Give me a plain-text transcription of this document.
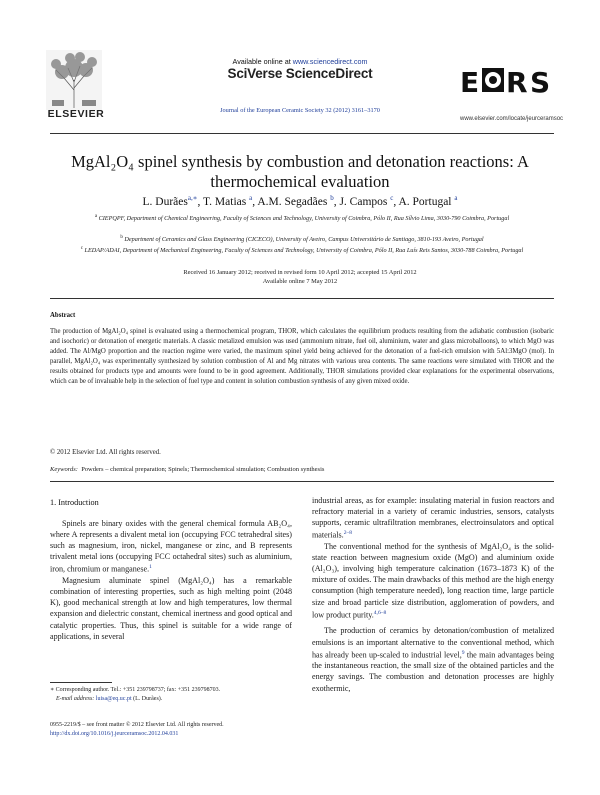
ELSEVIER
Available online at www.sciencedirect.com
SciVerse ScienceDirect
Journal of the European Ceramic Society 32 (2012) 3161–3170
E R S
www.elsevier.com/locate/jeurceramsoc
MgAl₂O₄ spinel synthesis by combustion and detonation reactions: A
thermochemical evaluation
L. Durães$^{a,∗}$, T. Matias $^a$, A.M. Segadães $^b$, J. Campos $^c$, A. Portugal $^a$
$^a$ CIEPQPF, Department of Chemical Engineering, Faculty of Sciences and Technology, University of Coimbra, Pólo II, Rua Sílvio Lima, 3030-790 Coimbra, Portugal
$^b$ Department of Ceramics and Glass Engineering (CICECO), University of Aveiro, Campus Universitário de Santiago, 3810-193 Aveiro, Portugal
$^c$ LEDAP/ADAI, Department of Mechanical Engineering, Faculty of Sciences and Technology, University of Coimbra, Pólo II, Rua Luís Reis Santos, 3030-788 Coimbra, Portugal
Received 16 January 2012; received in revised form 10 April 2012; accepted 15 April 2012
Available online 7 May 2012
Abstract
The production of MgAl₂O₄ spinel is evaluated using a thermochemical program, THOR, which calculates the equilibrium products resulting from the adiabatic combustion (isobaric and isochoric) or detonation of energetic materials. A classic metalized emulsion was used (ammonium nitrate, fuel oil, aluminium, water and glass microballoons), to which MgO was added. The Al/MgO proportion and the reaction regime were varied, the maximum spinel yield being achieved for the detonation of a fuel-rich emulsion with 5Al:3MgO (mol). In parallel, MgAl₂O₄ was experimentally synthesized by solution combustion of Al and Mg nitrates with various urea contents. The same reactions were simulated with THOR and the results obtained for products type and amounts were found to be in good agreement. Additionally, THOR simulations provided clear explanations for the experimental observations, which can be of invaluable help in the selection of fuel type and content in solution combustion synthesis of any given mixed oxide.
© 2012 Elsevier Ltd. All rights reserved.
Keywords: Powders – chemical preparation; Spinels; Thermochemical simulation; Combustion synthesis
1. Introduction

Spinels are binary oxides with the general chemical formula AB₂O₄, where A represents a divalent metal ion (occupying FCC tetrahedral sites) such as magnesium, iron, nickel, manganese or zinc, and B represents trivalent metal ions (occupying FCC octahedral sites) such as aluminium, iron, chromium or manganese.$^1$

Magnesium aluminate spinel (MgAl₂O₄) has a remarkable combination of interesting properties, such as high melting point (2048 K), good mechanical strength at low and high temperatures, low thermal expansion and dielectric constant, chemical inertness and good optical and catalytic properties. Thus, this spinel is suitable for a wide range of applications, in several

industrial areas, as for example: insulating material in fusion reactors and refractory material in a variety of ceramic industries, sensors, catalysts supports, ceramic ultrafiltration membranes, electroinsulators and optical materials.$^{2-8}$

The conventional method for the synthesis of MgAl₂O₄ is the solid-state reaction between magnesium oxide (MgO) and aluminium oxide (Al₂O₃), involving high temperature calcination (1673–1873 K) of the mixture of oxides. The main drawbacks of this method are the high energy consumption (high temperature needed), long reaction time, large particle size and broad particle size distribution, agglomeration of powders, and low product purity.$^{4,6-8}$

The production of ceramics by detonation/combustion of metalized emulsions is an important alternative to the conventional method, which has already been up-scaled to industrial level,$^9$ the main advantages being the instantaneous reaction, the small size of the obtained particles and the energy savings. The combustion and detonation processes are highly exothermic,

∗ Corresponding author. Tel.: +351 239798737; fax: +351 239798703.
E-mail address: luisa@eq.uc.pt (L. Durães).
0955-2219/$ – see front matter © 2012 Elsevier Ltd. All rights reserved.
http://dx.doi.org/10.1016/j.jeurceramsoc.2012.04.031
